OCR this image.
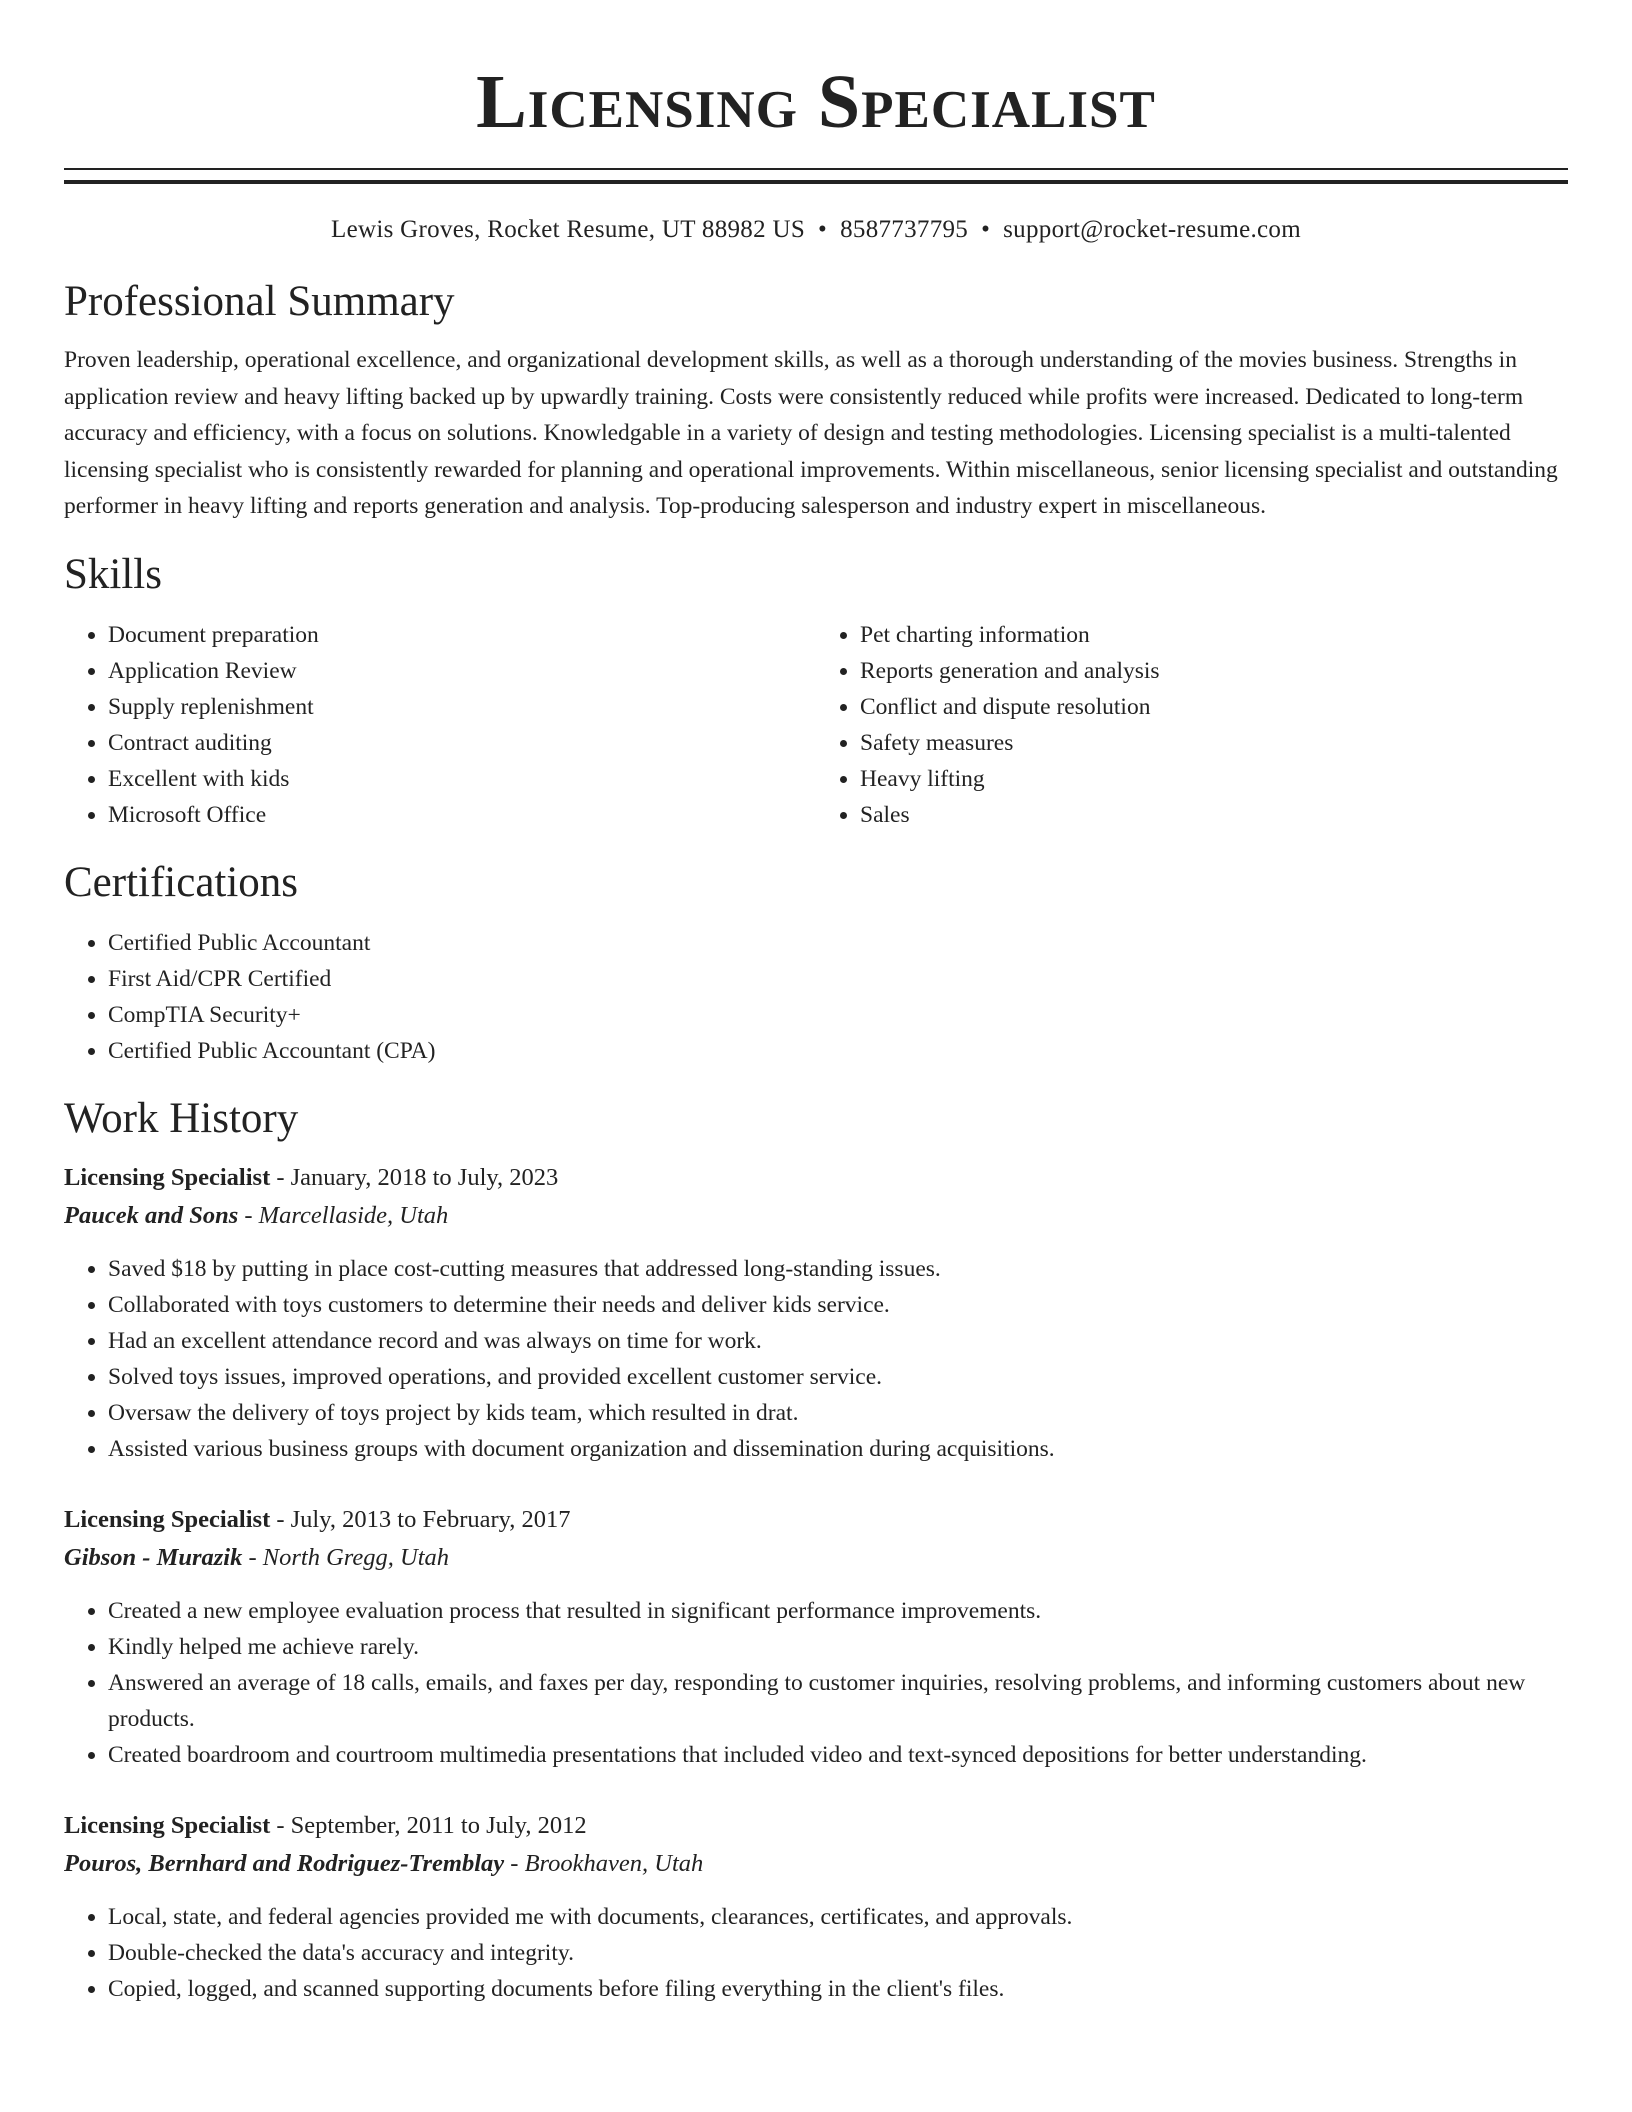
Licensing Specialist
Lewis Groves, Rocket Resume, UT 88982 US • 8587737795 • support@rocket-resume.com
Professional Summary

Proven leadership, operational excellence, and organizational development skills, as well as a thorough understanding of the movies business. Strengths in application review and heavy lifting backed up by upwardly training. Costs were consistently reduced while profits were increased. Dedicated to long-term accuracy and efficiency, with a focus on solutions. Knowledgable in a variety of design and testing methodologies. Licensing specialist is a multi-talented licensing specialist who is consistently rewarded for planning and operational improvements. Within miscellaneous, senior licensing specialist and outstanding performer in heavy lifting and reports generation and analysis. Top-producing salesperson and industry expert in miscellaneous.

Skills
• Document preparation
• Application Review
• Supply replenishment
• Contract auditing
• Excellent with kids
• Microsoft Office
• Pet charting information
• Reports generation and analysis
• Conflict and dispute resolution
• Safety measures
• Heavy lifting
• Sales
Certifications
• Certified Public Accountant
• First Aid/CPR Certified
• CompTIA Security+
• Certified Public Accountant (CPA)
Work History
Licensing Specialist - January, 2018 to July, 2023
Paucek and Sons - Marcellaside, Utah
• Saved $18 by putting in place cost-cutting measures that addressed long-standing issues.
• Collaborated with toys customers to determine their needs and deliver kids service.
• Had an excellent attendance record and was always on time for work.
• Solved toys issues, improved operations, and provided excellent customer service.
• Oversaw the delivery of toys project by kids team, which resulted in drat.
• Assisted various business groups with document organization and dissemination during acquisitions.
Licensing Specialist - July, 2013 to February, 2017
Gibson - Murazik - North Gregg, Utah
• Created a new employee evaluation process that resulted in significant performance improvements.
• Kindly helped me achieve rarely.
• Answered an average of 18 calls, emails, and faxes per day, responding to customer inquiries, resolving problems, and informing customers about new products.
• Created boardroom and courtroom multimedia presentations that included video and text-synced depositions for better understanding.
Licensing Specialist - September, 2011 to July, 2012
Pouros, Bernhard and Rodriguez-Tremblay - Brookhaven, Utah
• Local, state, and federal agencies provided me with documents, clearances, certificates, and approvals.
• Double-checked the data's accuracy and integrity.
• Copied, logged, and scanned supporting documents before filing everything in the client's files.
